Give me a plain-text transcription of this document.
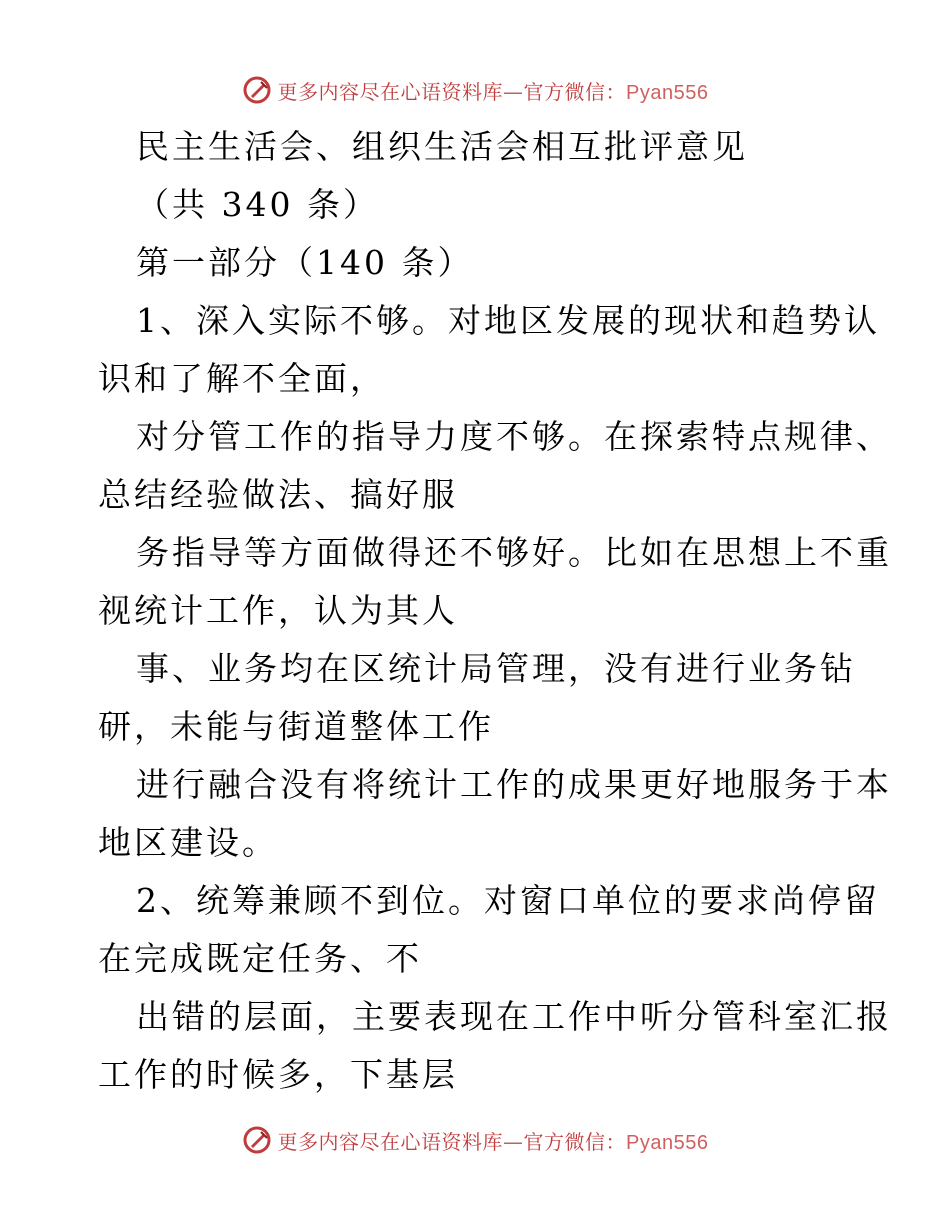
更多内容尽在心语资料库—官方微信：Pyan556
民主生活会、组织生活会相互批评意见
（共 340 条）
第一部分（140 条）
1、深入实际不够。对地区发展的现状和趋势认
识和了解不全面，
对分管工作的指导力度不够。在探索特点规律、
总结经验做法、搞好服
务指导等方面做得还不够好。比如在思想上不重
视统计工作，认为其人
事、业务均在区统计局管理，没有进行业务钻
研，未能与街道整体工作
进行融合没有将统计工作的成果更好地服务于本
地区建设。
2、统筹兼顾不到位。对窗口单位的要求尚停留
在完成既定任务、不
出错的层面，主要表现在工作中听分管科室汇报
工作的时候多，下基层
更多内容尽在心语资料库—官方微信：Pyan556
